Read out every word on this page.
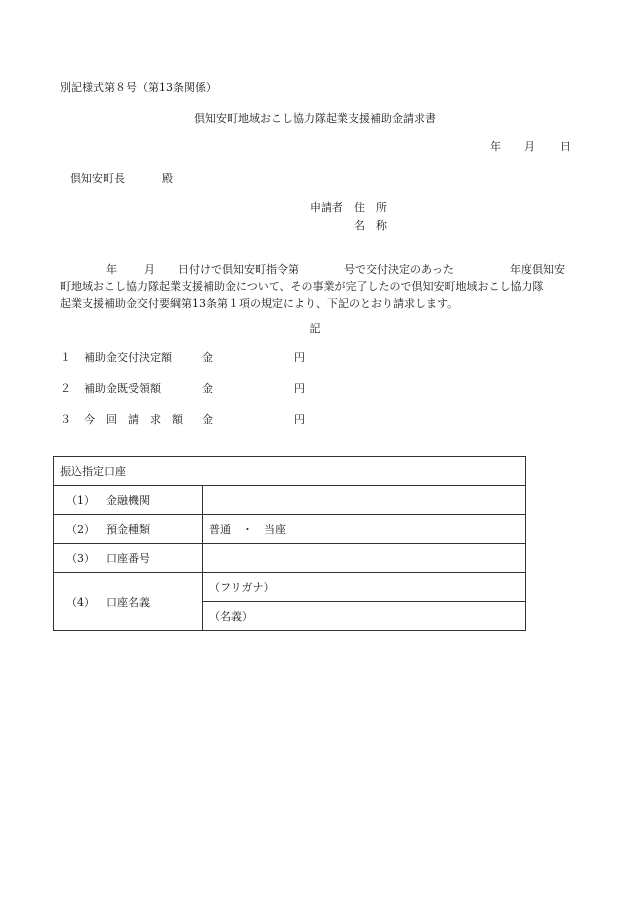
別記様式第８号（第13条関係）
倶知安町地域おこし協力隊起業支援補助金請求書
年 月 日
倶知安町長	殿
申請者 住　所
名　称
年 月 日付けで倶知安町指令第	号で交付決定のあった	年度倶知安
町地域おこし協力隊起業支援補助金について、その事業が完了したので倶知安町地域おこし協力隊
起業支援補助金交付要綱第13条第１項の規定により、下記のとおり請求します。
記
１ 補助金交付決定額	金	円
２ 補助金既受領額	金	円
３ 今　回　請　求　額 金	円
振込指定口座	
（1） 金融機関	
（2） 預金種類	普通　・　当座
（3） 口座番号	
（4） 口座名義	（フリガナ）
	（名義）
